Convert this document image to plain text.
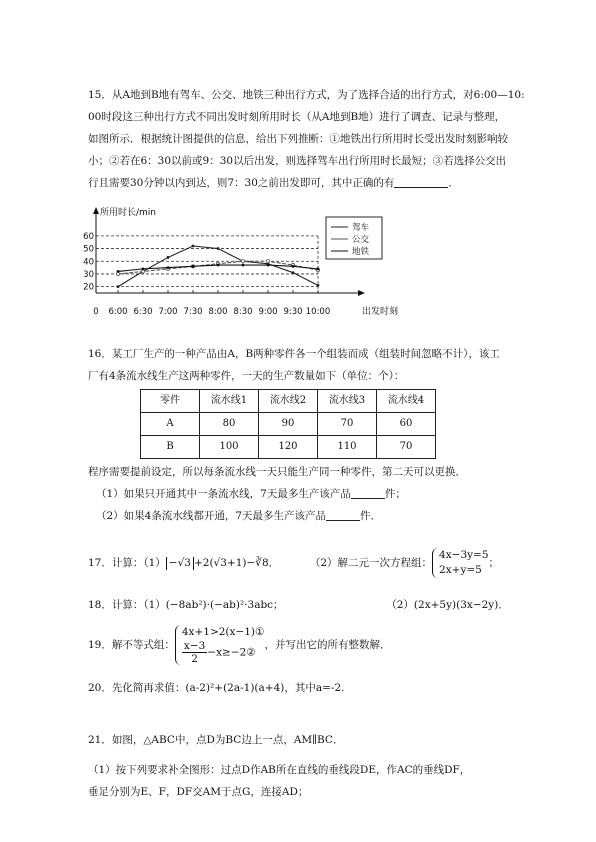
15．从A地到B地有驾车、公交、地铁三种出行方式，为了选择合适的出行方式，对6:00—10:

00时段这三种出行方式不同出发时刻所用时长（从A地到B地）进行了调查、记录与整理，

如图所示．根据统计图提供的信息，给出下列推断：①地铁出行所用时长受出发时刻影响较

小；②若在6：30以前或9：30以后出发，则选择驾车出行所用时长最短；③若选择公交出

行且需要30分钟以内到达，则7：30之前出发即可，其中正确的有	．

所用时长/min
出发时刻
0
20
30
40
50
60
6:00 6:30 7:00 7:30 8:00 8:30 9:00 9:30 10:00
驾车
公交
地铁

16．某工厂生产的一种产品由A，B两种零件各一个组装而成（组装时间忽略不计），该工

厂有4条流水线生产这两种零件，一天的生产数量如下（单位：个）：

零件	流水线1	流水线2	流水线3	流水线4
A	80	90	70	60
B	100	120	110	70

程序需要提前设定，所以每条流水线一天只能生产同一种零件，第二天可以更换．

（1）如果只开通其中一条流水线，7天最多生产该产品	件；

（2）如果4条流水线都开通，7天最多生产该产品	件．

17．计算：（1） −√3 +2(√3+1)−∛8．	（2）解二元一次方程组：4x−3y=5
2x+y=5；
18．计算：（1）(−8ab²)·(−ab)²·3abc；	（2）(2x+5y)(3x−2y)．
19．解不等式组：4x+1>2(x−1)①

$\frac{x-3}{2}$ −x≥−2②，并写出它的所有整数解．
20．先化简再求值：(a-2)²+(2a-1)(a+4)，其中a=-2.

21．如图，△ABC中，点D为BC边上一点，AM∥BC．

（1）按下列要求补全图形：过点D作AB所在直线的垂线段DE，作AC的垂线DF，

垂足分别为E、F，DF交AM于点G，连接AD；
